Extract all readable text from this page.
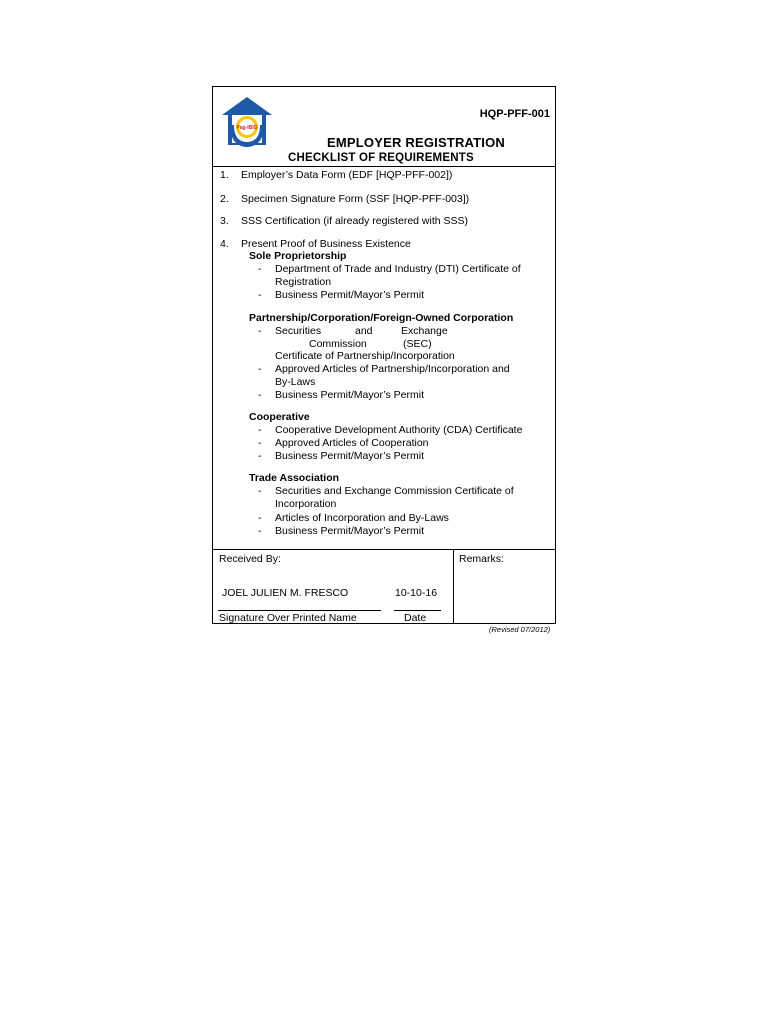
Pag-IBIG
HQP-PFF-001
EMPLOYER REGISTRATION
CHECKLIST OF REQUIREMENTS
1. Employer’s Data Form (EDF [HQP-PFF-002])
2. Specimen Signature Form (SSF [HQP-PFF-003])
3. SSS Certification (if already registered with SSS)
4. Present Proof of Business Existence
Sole Proprietorship
- Department of Trade and Industry (DTI) Certificate of
Registration
- Business Permit/Mayor’s Permit
Partnership/Corporation/Foreign-Owned Corporation
- Securities	and	Exchange
Commission	(SEC)
Certificate of Partnership/Incorporation
- Approved Articles of Partnership/Incorporation and
By-Laws
- Business Permit/Mayor’s Permit
Cooperative
- Cooperative Development Authority (CDA) Certificate
- Approved Articles of Cooperation
- Business Permit/Mayor’s Permit
Trade Association
- Securities and Exchange Commission Certificate of
Incorporation
- Articles of Incorporation and By-Laws
- Business Permit/Mayor’s Permit
Received By:
JOEL JULIEN M. FRESCO	10-10-16
Signature Over Printed Name	Date
Remarks:
(Revised 07/2012)
